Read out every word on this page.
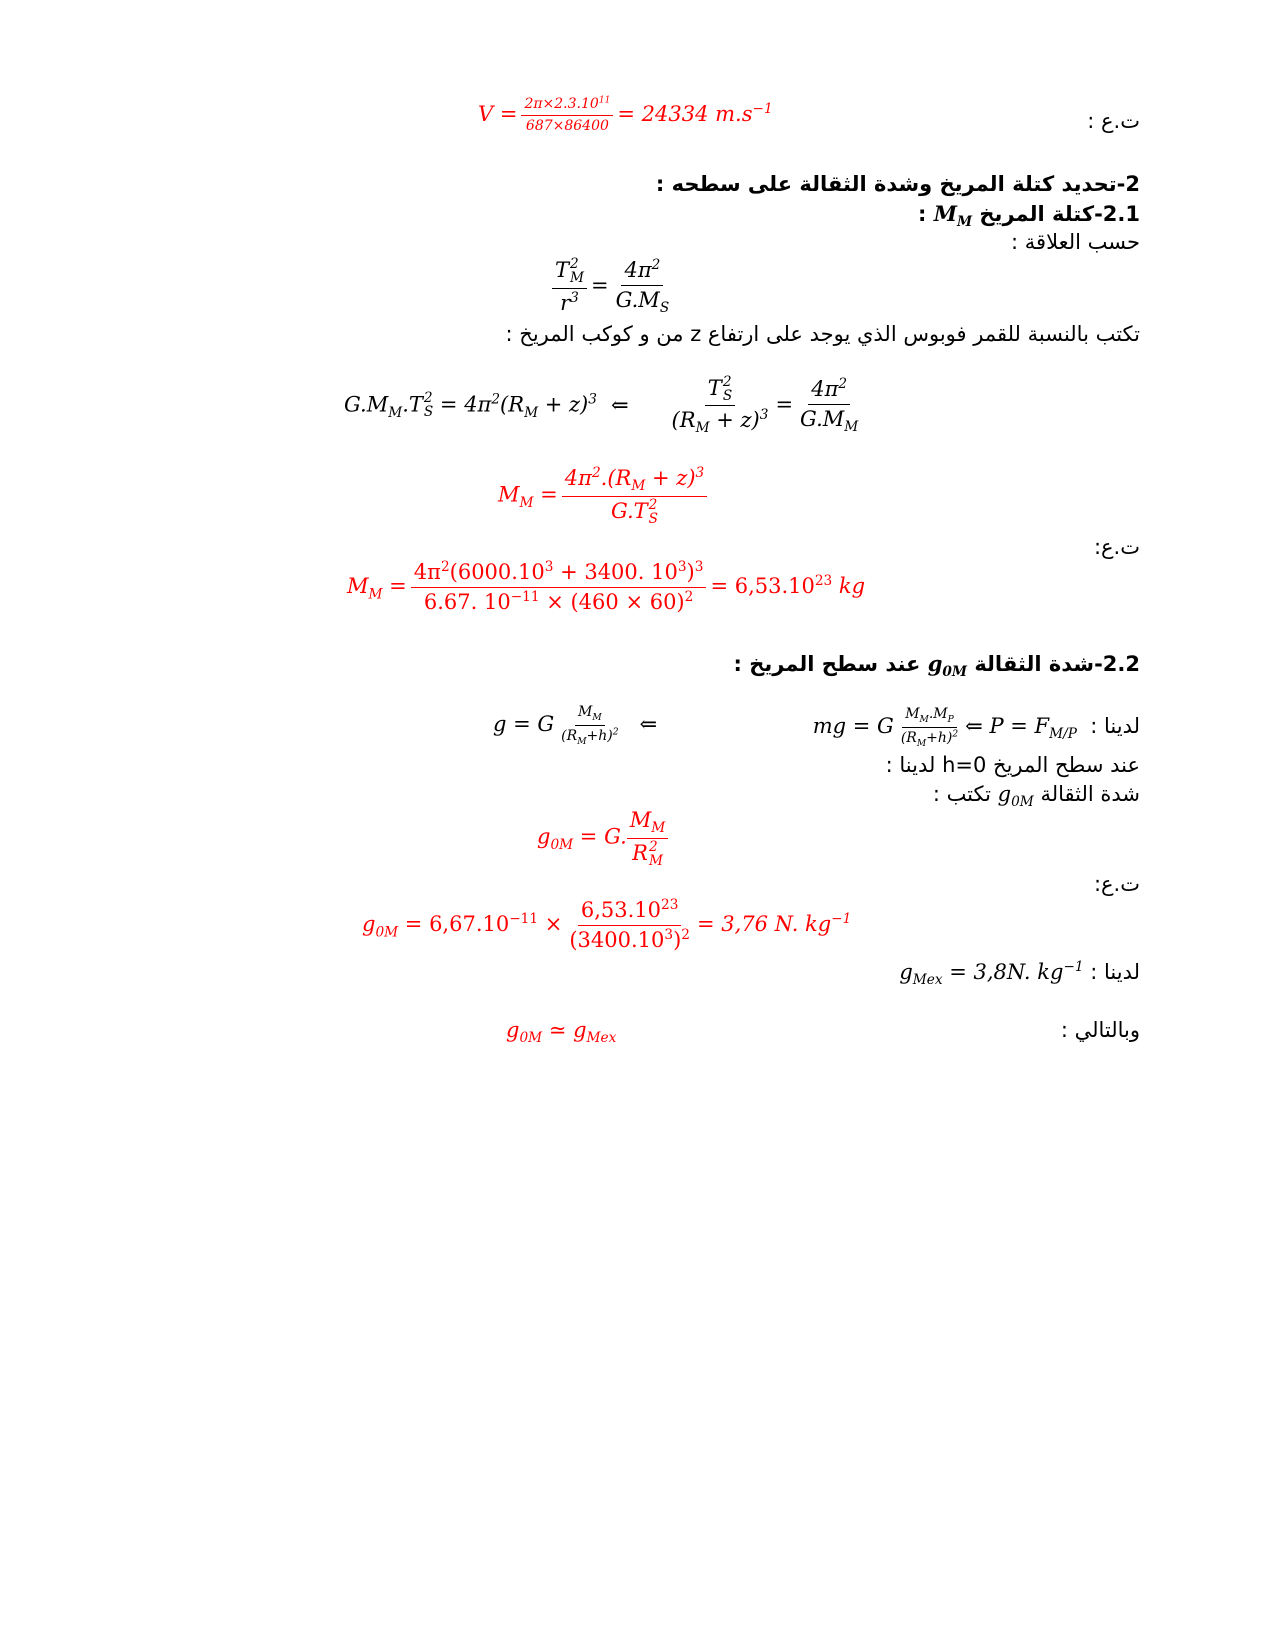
ت.ع :
$V = \frac{2\pi\times 2.3.10^{11}}{687\times 86400} = 24334$ $m.s^{-1}$
2-تحديد كتلة المريخ وشدة الثقالة على سطحه :
2.1-كتلة المريخ $M_M$ :
حسب العلاقة :
T 2
M
$r^3 = \frac{4\pi^2}{G.M_S}$
تكتب بالنسبة للقمر فوبوس الذي يوجد على ارتفاع z من و كوكب المريخ :
$G.M_M.T$ 2
$S = 4\pi^2(R_M + z)^3$ ⇐ T 2
S
$(R_M + z)^3 = \frac{4\pi^2}{G.M_M}$
$M_M = 4\pi^2.(R_M + z)^3$
G.T 2
S
ت.ع:
$M_M = \frac{4\pi^2(6000.10^3 + 3400. 10^3)^3}{6.67. 10^{-11} \times (460 \times 60)^2} = 6,53.10^{23}$ kg
2.2-شدة الثقالة $g_{0M}$ عند سطح المريخ :
لدينا :  mg = G $\frac{M_M.M_P}{(R_M+h)^2}$ ⇐ $P = F_{M/P}$
g = G $\frac{M_M}{(R_M+h)^2}$ ⇐
عند سطح المريخ h=0 لدينا :
شدة الثقالة $g_{0M}$ تكتب :
$g_{0M} = G$. $M_M$
R 2
M
ت.ع:
$g_{0M} = 6,67.10^{-11} \times \frac{6,53.10^{23}}{(3400.10^3)^2} = 3,76$ N. $kg^{-1}$
لدينا : $g_{Mex} = 3,8N$. $kg^{-1}$
وبالتالي :
$g_{0M}$ ≃ $g_{Mex}$
